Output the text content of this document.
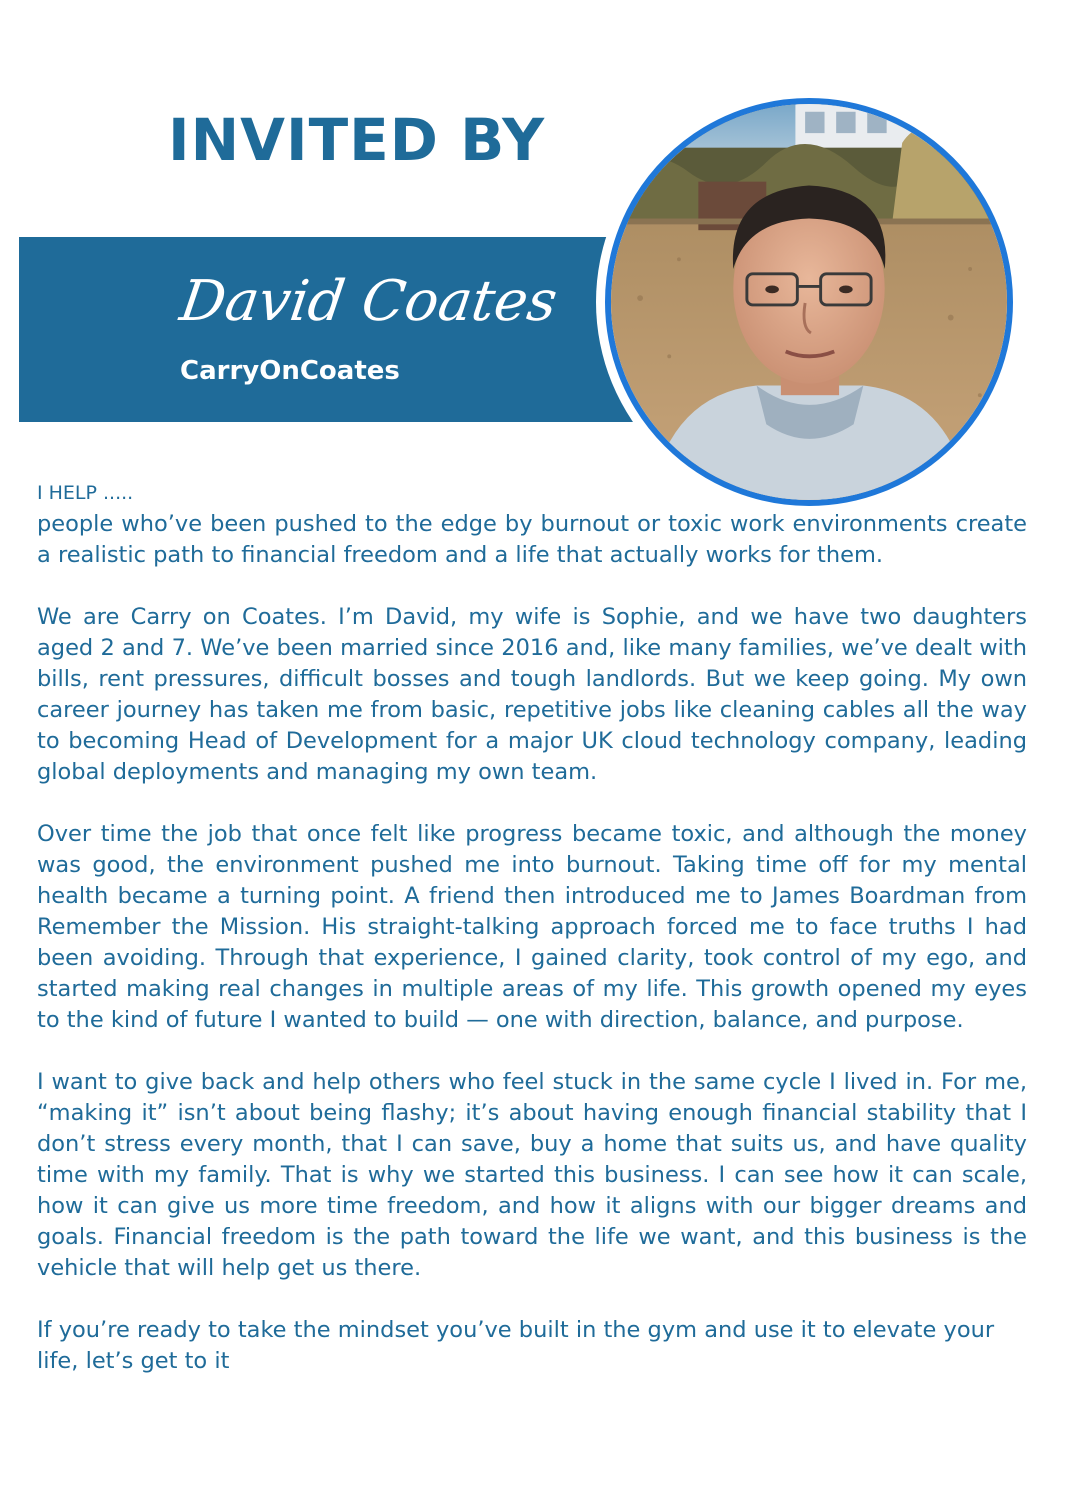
INVITED BY
David Coates
CarryOnCoates
I HELP .....

people who’ve been pushed to the edge by burnout or toxic work environments create a realistic path to financial freedom and a life that actually works for them.

We are Carry on Coates. I’m David, my wife is Sophie, and we have two daughters aged 2 and 7. We’ve been married since 2016 and, like many families, we’ve dealt with bills, rent pressures, difficult bosses and tough landlords. But we keep going. My own career journey has taken me from basic, repetitive jobs like cleaning cables all the way to becoming Head of Development for a major UK cloud technology company, leading global deployments and managing my own team.

Over time the job that once felt like progress became toxic, and although the money was good, the environment pushed me into burnout. Taking time off for my mental health became a turning point. A friend then introduced me to James Boardman from Remember the Mission. His straight-talking approach forced me to face truths I had been avoiding. Through that experience, I gained clarity, took control of my ego, and started making real changes in multiple areas of my life. This growth opened my eyes to the kind of future I wanted to build — one with direction, balance, and purpose.

I want to give back and help others who feel stuck in the same cycle I lived in. For me, “making it” isn’t about being flashy; it’s about having enough financial stability that I don’t stress every month, that I can save, buy a home that suits us, and have quality time with my family. That is why we started this business. I can see how it can scale, how it can give us more time freedom, and how it aligns with our bigger dreams and goals. Financial freedom is the path toward the life we want, and this business is the vehicle that will help get us there.

If you’re ready to take the mindset you’ve built in the gym and use it to elevate your life, let’s get to it
